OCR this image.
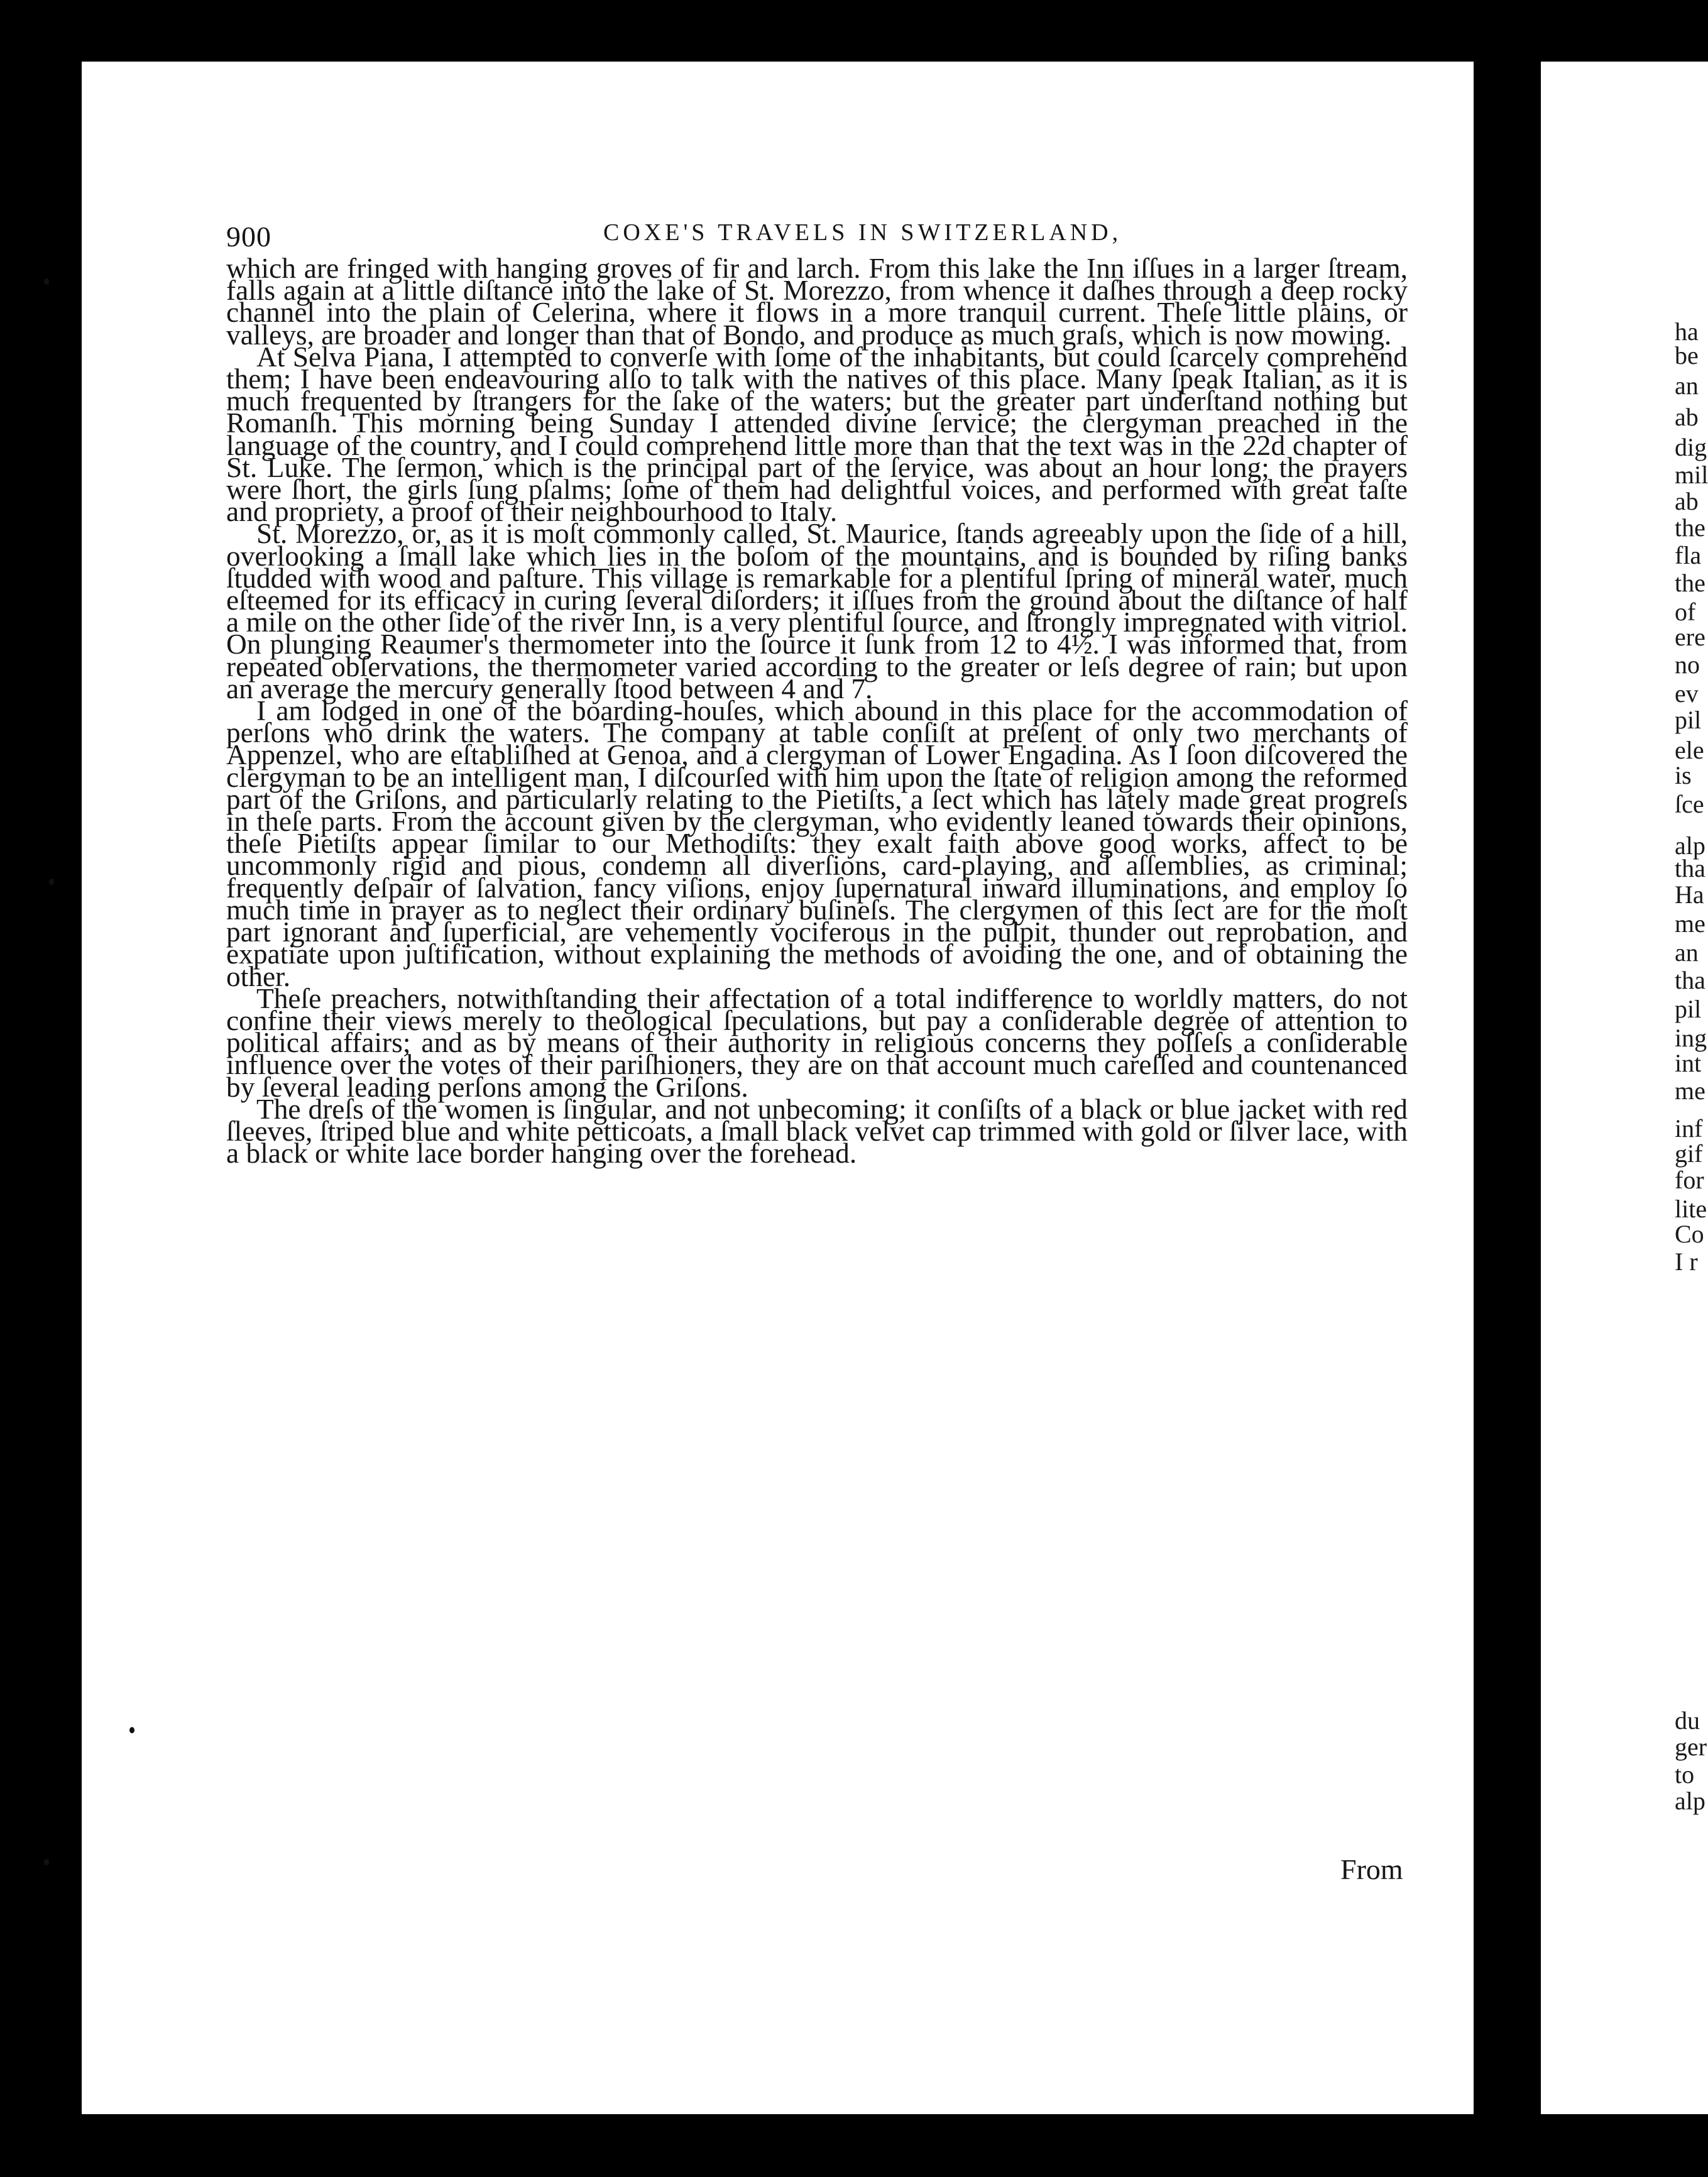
900	COXE'S TRAVELS IN SWITZERLAND,

which are fringed with hanging groves of fir and larch. From this lake the Inn iſſues in a larger ſtream, falls again at a little diſtance into the lake of St. Morezzo, from whence it daſhes through a deep rocky channel into the plain of Celerina, where it flows in a more tranquil current. Theſe little plains, or valleys, are broader and longer than that of Bondo, and produce as much graſs, which is now mowing.

At Selva Piana, I attempted to converſe with ſome of the inhabitants, but could ſcarcely comprehend them; I have been endeavouring alſo to talk with the natives of this place. Many ſpeak Italian, as it is much frequented by ſtrangers for the ſake of the waters; but the greater part underſtand nothing but Romanſh. This morning being Sunday I attended divine ſervice; the clergyman preached in the language of the country, and I could comprehend little more than that the text was in the 22d chapter of St. Luke. The ſermon, which is the principal part of the ſervice, was about an hour long; the prayers were ſhort, the girls ſung pſalms; ſome of them had delightful voices, and performed with great taſte and propriety, a proof of their neighbourhood to Italy.

St. Morezzo, or, as it is moſt commonly called, St. Maurice, ſtands agreeably upon the ſide of a hill, overlooking a ſmall lake which lies in the boſom of the mountains, and is bounded by riſing banks ſtudded with wood and paſture. This village is remarkable for a plentiful ſpring of mineral water, much eſteemed for its efficacy in curing ſeveral diſorders; it iſſues from the ground about the diſtance of half a mile on the other ſide of the river Inn, is a very plentiful ſource, and ſtrongly impregnated with vitriol. On plunging Reaumer's thermometer into the ſource it ſunk from 12 to 4½. I was informed that, from repeated obſervations, the thermometer varied according to the greater or leſs degree of rain; but upon an average the mercury generally ſtood between 4 and 7.

I am lodged in one of the boarding-houſes, which abound in this place for the accommodation of perſons who drink the waters. The company at table conſiſt at preſent of only two merchants of Appenzel, who are eſtabliſhed at Genoa, and a clergyman of Lower Engadina. As I ſoon diſcovered the clergyman to be an intelligent man, I diſcourſed with him upon the ſtate of religion among the reformed part of the Griſons, and particularly relating to the Pietiſts, a ſect which has lately made great progreſs in theſe parts. From the account given by the clergyman, who evidently leaned towards their opinions, theſe Pietiſts appear ſimilar to our Methodiſts: they exalt faith above good works, affect to be uncommonly rigid and pious, condemn all diverſions, card-playing, and aſſemblies, as criminal; frequently deſpair of ſalvation, fancy viſions, enjoy ſupernatural inward illuminations, and employ ſo much time in prayer as to neglect their ordinary buſineſs. The clergymen of this ſect are for the moſt part ignorant and ſuperficial, are vehemently vociferous in the pulpit, thunder out reprobation, and expatiate upon juſtification, without explaining the methods of avoiding the one, and of obtaining the other.

Theſe preachers, notwithſtanding their affectation of a total indifference to worldly matters, do not confine their views merely to theological ſpeculations, but pay a conſiderable degree of attention to political affairs; and as by means of their authority in religious concerns they poſſeſs a conſiderable influence over the votes of their pariſhioners, they are on that account much careſſed and countenanced by ſeveral leading perſons among the Griſons.

The dreſs of the women is ſingular, and not unbecoming; it conſiſts of a black or blue jacket with red ſleeves, ſtriped blue and white petticoats, a ſmall black velvet cap trimmed with gold or ſilver lace, with a black or white lace border hanging over the forehead.

From
ha
be
an
ab
dig
mil
ab
the
fla
the
of
ere
no
ev
pil
ele
is
ſce
alp
tha
Ha
me
an
tha
pil
ing
int
me
inf
gif
for
lite
Co
I r
du
ger
to
alp
